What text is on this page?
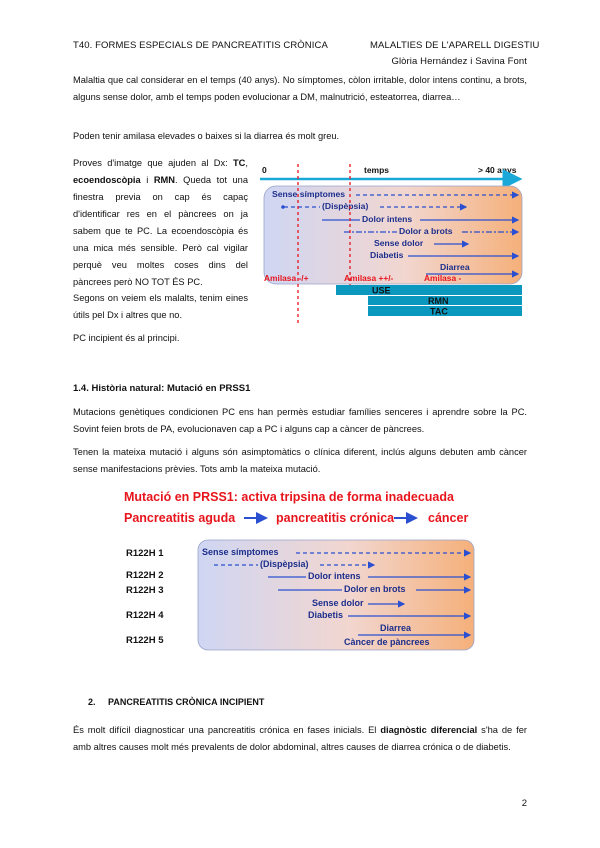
T40. FORMES ESPECIALS DE PANCREATITIS CRÒNICA	MALALTIES DE L'APARELL DIGESTIU
Glòria Hernández i Savina Font

Malaltia que cal considerar en el temps (40 anys). No símptomes, còlon irritable, dolor intens continu, a brots, alguns sense dolor, amb el temps poden evolucionar a DM, malnutrició, esteatorrea, diarrea…

Poden tenir amilasa elevades o baixes si la diarrea és molt greu.

Proves d'imatge que ajuden al Dx: TC, ecoendoscòpia i RMN. Queda tot una finestra previa on cap és capaç d'identificar res en el pàncrees on ja sabem que te PC. La ecoendoscòpia és una mica més sensible. Però cal vigilar perquè veu moltes coses dins del pàncrees però NO TOT ÉS PC.

Segons on veiem els malalts, tenim eines útils pel Dx i altres que no.

PC incipient és al principi.

0	temps	> 40 anys
Sense símptomes
(Dispèpsia)
Dolor intens
Dolor a brots
Sense dolor
Diabetis
Diarrea
Amilasa -/+	Amilasa ++/-	Amilasa -
USE
RMN
TAC
1.4. Història natural: Mutació en PRSS1

Mutacions genètiques condicionen PC ens han permès estudiar famílies senceres i aprendre sobre la PC. Sovint feien brots de PA, evolucionaven cap a PC i alguns cap a càncer de pàncrees.

Tenen la mateixa mutació i alguns són asimptomàtics o clínica diferent, inclús alguns debuten amb càncer sense manifestacions prèvies. Tots amb la mateixa mutació.

Mutació en PRSS1: activa tripsina de forma inadecuada
Pancreatitis aguda	pancreatitis crónica	cáncer
R122H 1
R122H 2
R122H 3
R122H 4
R122H 5
Sense símptomes
(Dispèpsia)
Dolor intens
Dolor en brots
Sense dolor
Diabetis
Diarrea
Càncer de pàncrees
2. PANCREATITIS CRÒNICA INCIPIENT

És molt difícil diagnosticar una pancreatitis crónica en fases inicials. El diagnòstic diferencial s'ha de fer amb altres causes molt més prevalents de dolor abdominal, altres causes de diarrea crónica o de diabetis.

2
